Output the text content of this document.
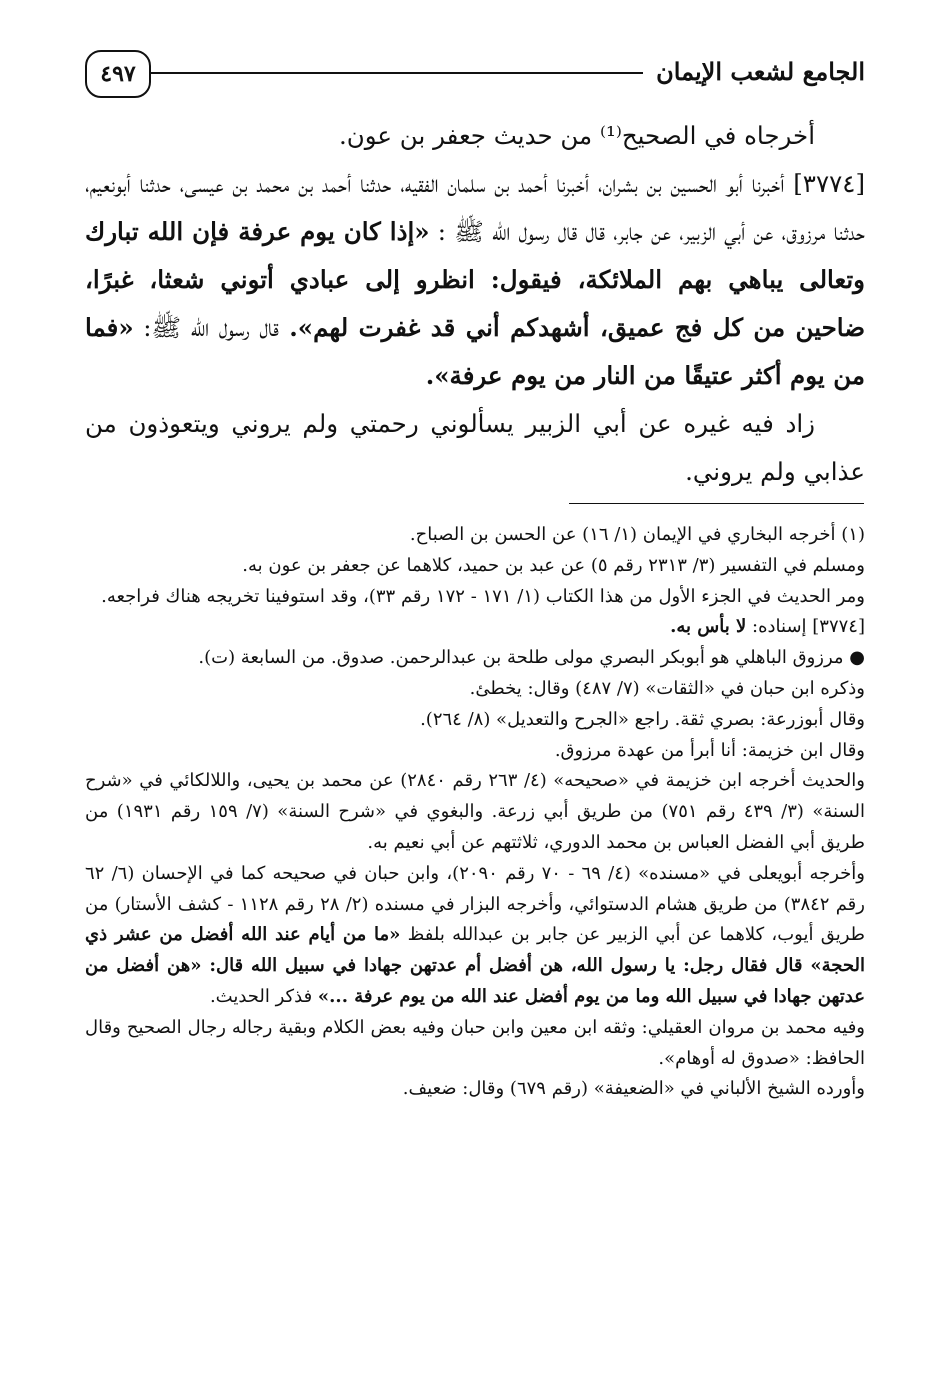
٤٩٧	الجامع لشعب الإيمان

أخرجاه في الصحيح⁽¹⁾ من حديث جعفر بن عون.

[٣٧٧٤] أخبرنا أبو الحسين بن بشران، أخبرنا أحمد بن سلمان الفقيه، حدثنا أحمد بن محمد بن عيسى، حدثنا أبونعيم، حدثنا مرزوق، عن أبي الزبير، عن جابر، قال قال رسول الله ﷺ : «إذا كان يوم عرفة فإن الله تبارك وتعالى يباهي بهم الملائكة، فيقول: انظرو إلى عبادي أتوني شعثا، غبرًا، ضاحين من كل فج عميق، أشهدكم أني قد غفرت لهم». قال رسول الله ﷺ: «فما من يوم أكثر عتيقًا من النار من يوم عرفة».

زاد فيه غيره عن أبي الزبير يسألوني رحمتي ولم يروني ويتعوذون من عذابي ولم يروني.

(١) أخرجه البخاري في الإيمان (١/ ١٦) عن الحسن بن الصباح.

ومسلم في التفسير (٣/ ٢٣١٣ رقم ٥) عن عبد بن حميد، كلاهما عن جعفر بن عون به.

ومر الحديث في الجزء الأول من هذا الكتاب (١/ ١٧١ - ١٧٢ رقم ٣٣)، وقد استوفينا تخريجه هناك فراجعه.

[٣٧٧٤] إسناده: لا بأس به.

● مرزوق الباهلي هو أبوبكر البصري مولى طلحة بن عبدالرحمن. صدوق. من السابعة (ت).

وذكره ابن حبان في «الثقات» (٧/ ٤٨٧) وقال: يخطئ.

وقال أبوزرعة: بصري ثقة. راجع «الجرح والتعديل» (٨/ ٢٦٤).

وقال ابن خزيمة: أنا أبرأ من عهدة مرزوق.

والحديث أخرجه ابن خزيمة في «صحيحه» (٤/ ٢٦٣ رقم ٢٨٤٠) عن محمد بن يحيى، واللالكائي في «شرح السنة» (٣/ ٤٣٩ رقم ٧٥١) من طريق أبي زرعة. والبغوي في «شرح السنة» (٧/ ١٥٩ رقم ١٩٣١) من طريق أبي الفضل العباس بن محمد الدوري، ثلاثتهم عن أبي نعيم به.

وأخرجه أبويعلى في «مسنده» (٤/ ٦٩ - ٧٠ رقم ٢٠٩٠)، وابن حبان في صحيحه كما في الإحسان (٦/ ٦٢ رقم ٣٨٤٢) من طريق هشام الدستوائي، وأخرجه البزار في مسنده (٢/ ٢٨ رقم ١١٢٨ - كشف الأستار) من طريق أيوب، كلاهما عن أبي الزبير عن جابر بن عبدالله بلفظ «ما من أيام عند الله أفضل من عشر ذي الحجة» قال فقال رجل: يا رسول الله، هن أفضل أم عدتهن جهادا في سبيل الله قال: «هن أفضل من عدتهن جهادا في سبيل الله وما من يوم أفضل عند الله من يوم عرفة ...» فذكر الحديث.

وفيه محمد بن مروان العقيلي: وثقه ابن معين وابن حبان وفيه بعض الكلام وبقية رجاله رجال الصحيح وقال الحافظ: «صدوق له أوهام».

وأورده الشيخ الألباني في «الضعيفة» (رقم ٦٧٩) وقال: ضعيف.
